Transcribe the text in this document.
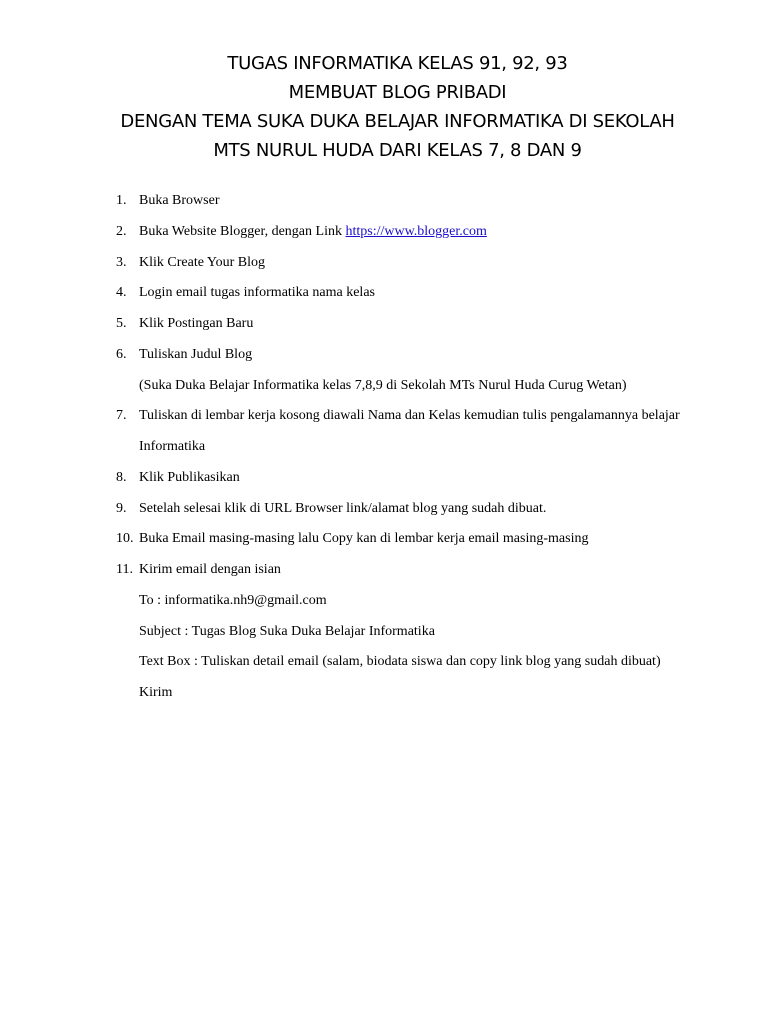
TUGAS INFORMATIKA KELAS 91, 92, 93
MEMBUAT BLOG PRIBADI
DENGAN TEMA SUKA DUKA BELAJAR INFORMATIKA DI SEKOLAH
MTS NURUL HUDA DARI KELAS 7, 8 DAN 9
1. Buka Browser
2. Buka Website Blogger, dengan Link https://www.blogger.com
3. Klik Create Your Blog
4. Login email tugas informatika nama kelas
5. Klik Postingan Baru
6. Tuliskan Judul Blog
(Suka Duka Belajar Informatika kelas 7,8,9 di Sekolah MTs Nurul Huda Curug Wetan)
7. Tuliskan di lembar kerja kosong diawali Nama dan Kelas kemudian tulis pengalamannya belajar
Informatika
8. Klik Publikasikan
9. Setelah selesai klik di URL Browser link/alamat blog yang sudah dibuat.
10. Buka Email masing-masing lalu Copy kan di lembar kerja email masing-masing
11. Kirim email dengan isian
To : informatika.nh9@gmail.com
Subject : Tugas Blog Suka Duka Belajar Informatika
Text Box : Tuliskan detail email (salam, biodata siswa dan copy link blog yang sudah dibuat)
Kirim
